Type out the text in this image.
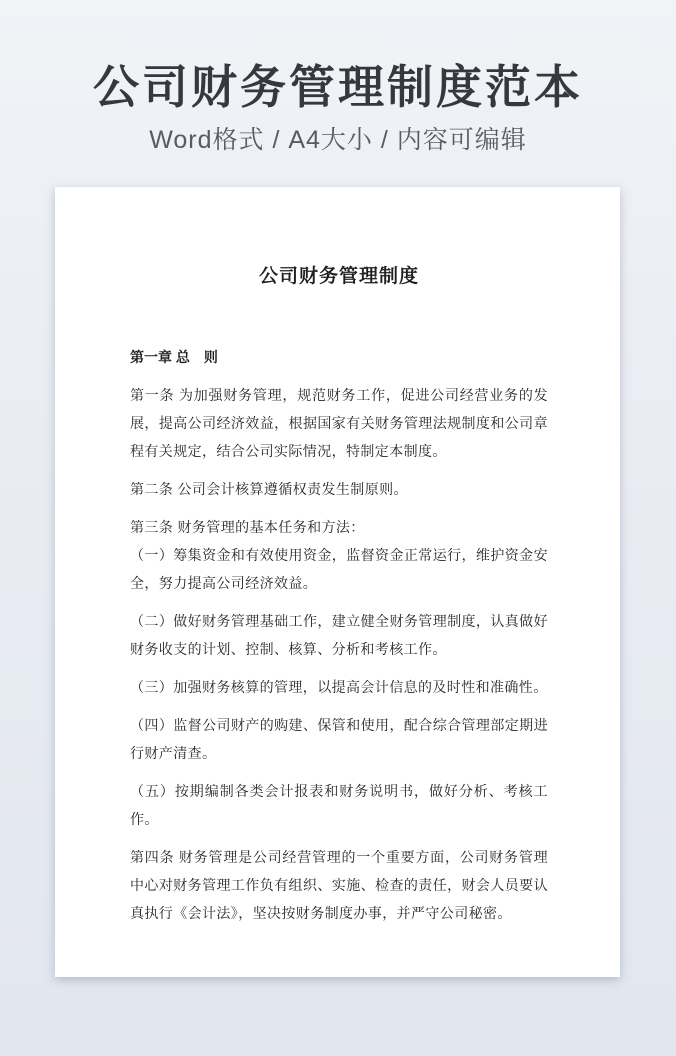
公司财务管理制度范本
Word格式 / A4大小 / 内容可编辑
公司财务管理制度
第一章 总　则
第一条 为加强财务管理，规范财务工作，促进公司经营业务的发展，提高公司经济效益，根据国家有关财务管理法规制度和公司章程有关规定，结合公司实际情况，特制定本制度。
第二条 公司会计核算遵循权责发生制原则。
第三条 财务管理的基本任务和方法：
（一）筹集资金和有效使用资金，监督资金正常运行，维护资金安全，努力提高公司经济效益。
（二）做好财务管理基础工作，建立健全财务管理制度，认真做好财务收支的计划、控制、核算、分析和考核工作。
（三）加强财务核算的管理，以提高会计信息的及时性和准确性。
（四）监督公司财产的购建、保管和使用，配合综合管理部定期进行财产清查。
（五）按期编制各类会计报表和财务说明书，做好分析、考核工作。
第四条 财务管理是公司经营管理的一个重要方面，公司财务管理中心对财务管理工作负有组织、实施、检查的责任，财会人员要认真执行《会计法》，坚决按财务制度办事，并严守公司秘密。
